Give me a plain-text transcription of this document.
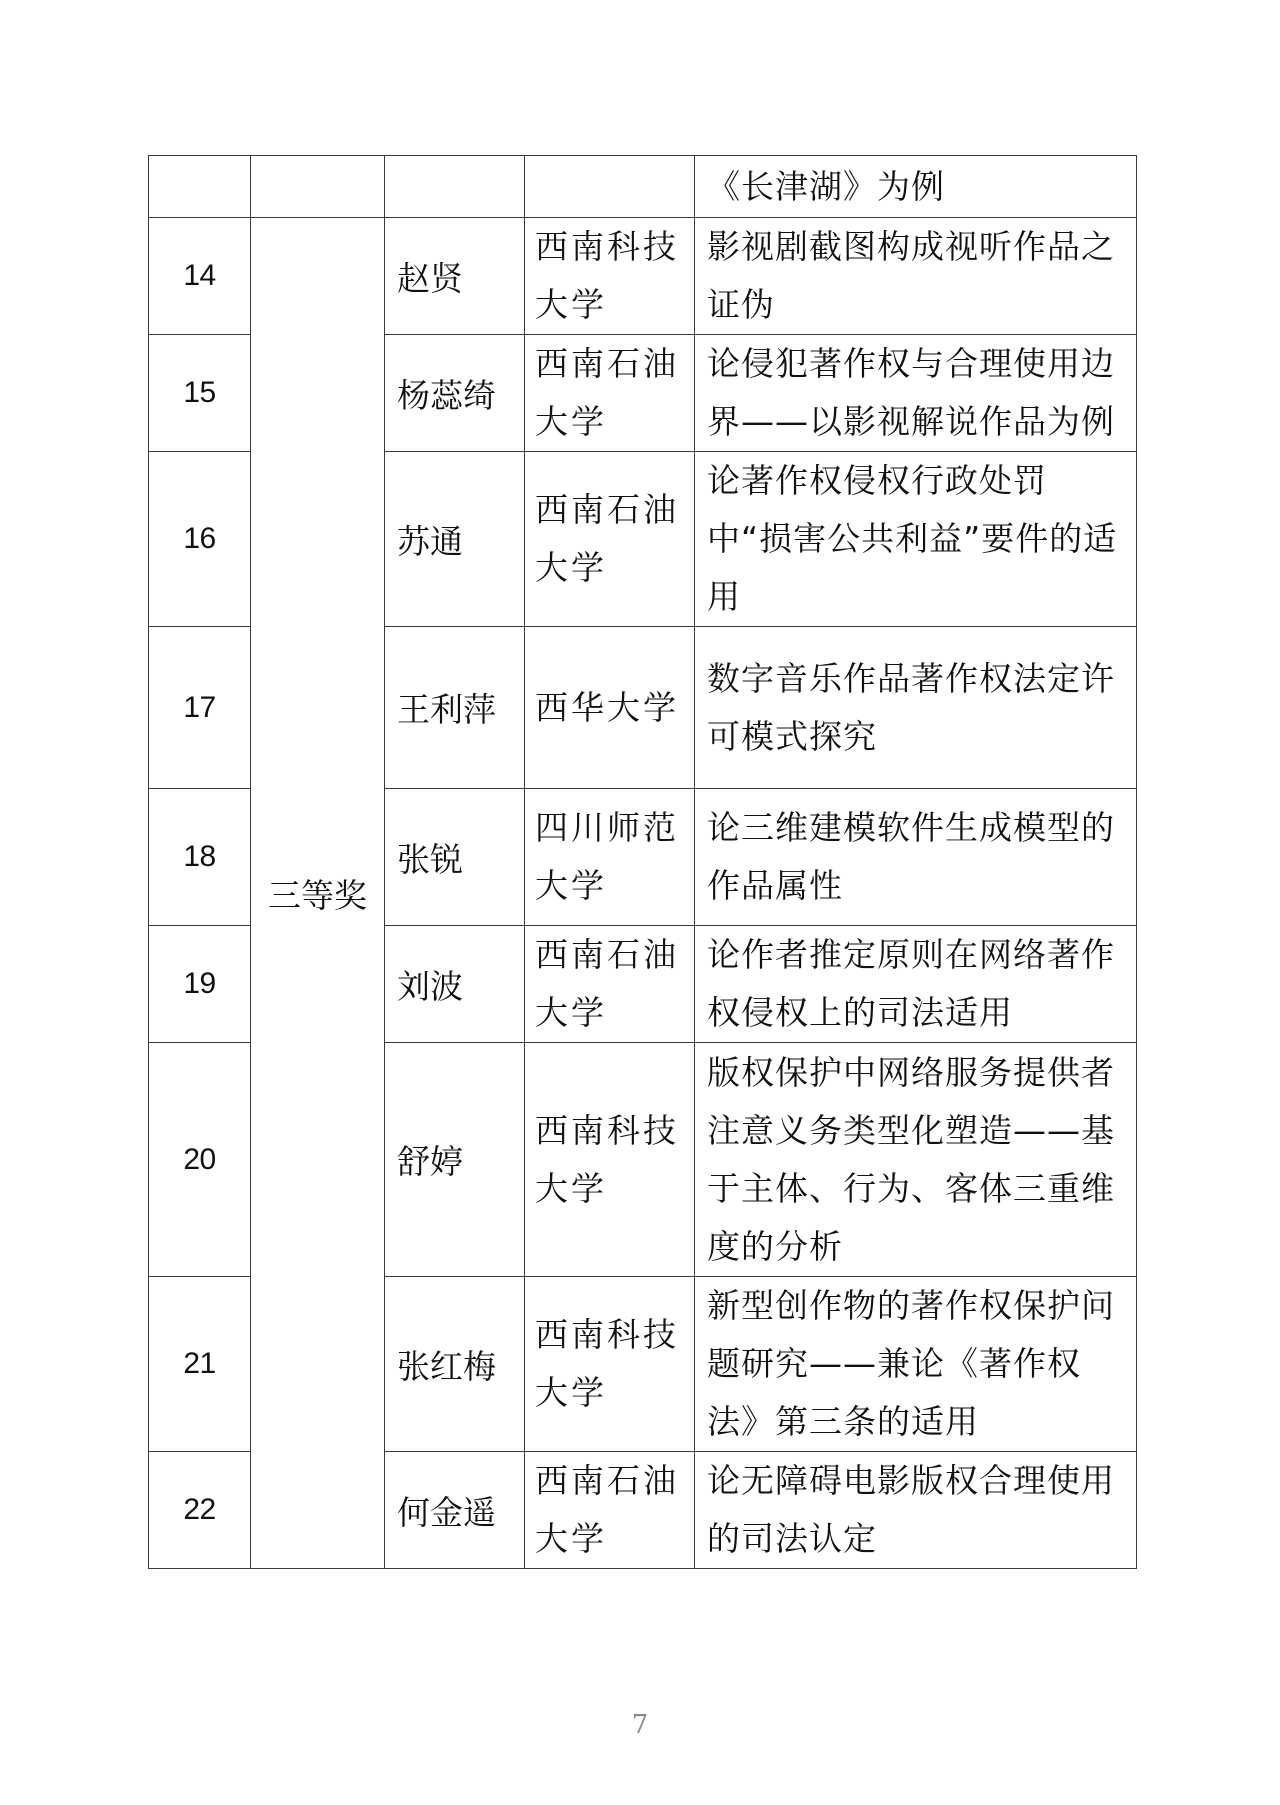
				《长津湖》为例
14	三等奖	赵贤	西南科技大学	影视剧截图构成视听作品之证伪
15		杨蕊绮	西南石油大学	论侵犯著作权与合理使用边界——以影视解说作品为例
16		苏通	西南石油大学	论著作权侵权行政处罚中“损害公共利益”要件的适用
17		王利萍	西华大学	数字音乐作品著作权法定许可模式探究
18		张锐	四川师范大学	论三维建模软件生成模型的作品属性
19		刘波	西南石油大学	论作者推定原则在网络著作权侵权上的司法适用
20		舒婷	西南科技大学	版权保护中网络服务提供者注意义务类型化塑造——基于主体、行为、客体三重维度的分析
21		张红梅	西南科技大学	新型创作物的著作权保护问题研究——兼论《著作权法》第三条的适用
22		何金遥	西南石油大学	论无障碍电影版权合理使用的司法认定
7
